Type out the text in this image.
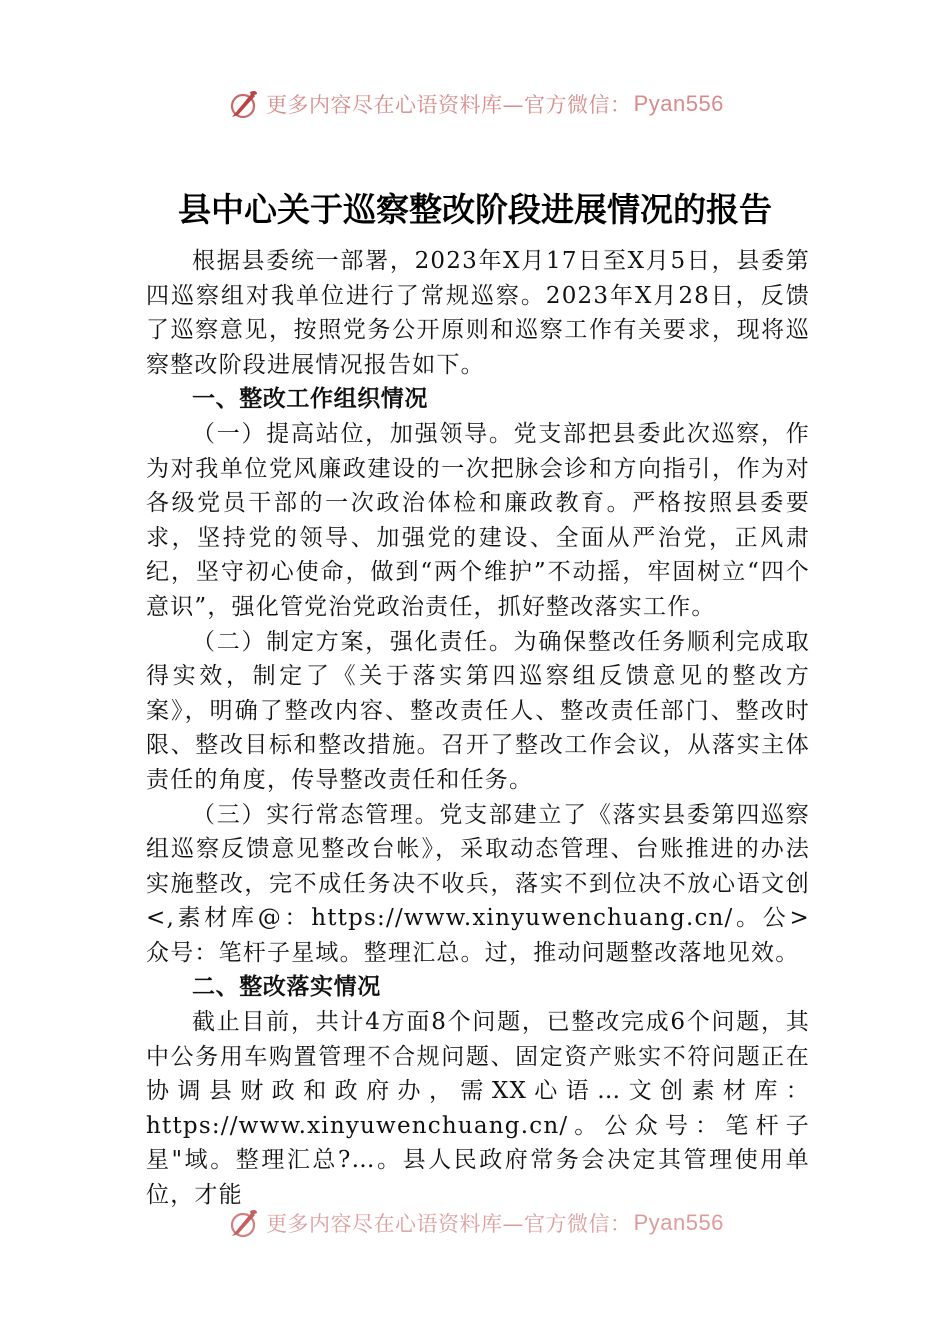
更多内容尽在心语资料库—官方微信： Pyan556
县中心关于巡察整改阶段进展情况的报告

根据县委统一部署，2023年X月17日至X月5日，县委第四巡察组对我单位进行了常规巡察。2023年X月28日，反馈了巡察意见，按照党务公开原则和巡察工作有关要求，现将巡察整改阶段进展情况报告如下。

一、整改工作组织情况

（一）提高站位，加强领导。党支部把县委此次巡察，作为对我单位党风廉政建设的一次把脉会诊和方向指引，作为对各级党员干部的一次政治体检和廉政教育。严格按照县委要求，坚持党的领导、加强党的建设、全面从严治党，正风肃纪，坚守初心使命，做到“两个维护”不动摇，牢固树立“四个意识”，强化管党治党政治责任，抓好整改落实工作。

（二）制定方案，强化责任。为确保整改任务顺利完成取得实效，制定了《关于落实第四巡察组反馈意见的整改方案》，明确了整改内容、整改责任人、整改责任部门、整改时限、整改目标和整改措施。召开了整改工作会议，从落实主体责任的角度，传导整改责任和任务。

（三）实行常态管理。党支部建立了《落实县委第四巡察组巡察反馈意见整改台帐》，采取动态管理、台账推进的办法实施整改，完不成任务决不收兵，落实不到位决不放心语文创<,素材库@：https://www.xinyuwenchuang.cn/。公>众号：笔杆子星域。整理汇总。过，推动问题整改落地见效。

二、整改落实情况

截止目前，共计4方面8个问题，已整改完成6个问题，其中公务用车购置管理不合规问题、固定资产账实不符问题正在协调县财政和政府办，需XX心语…文创素材库：https://www.xinyuwenchuang.cn/。公众号：笔杆子星"域。整理汇总?…。县人民政府常务会决定其管理使用单位，才能

更多内容尽在心语资料库—官方微信： Pyan556
